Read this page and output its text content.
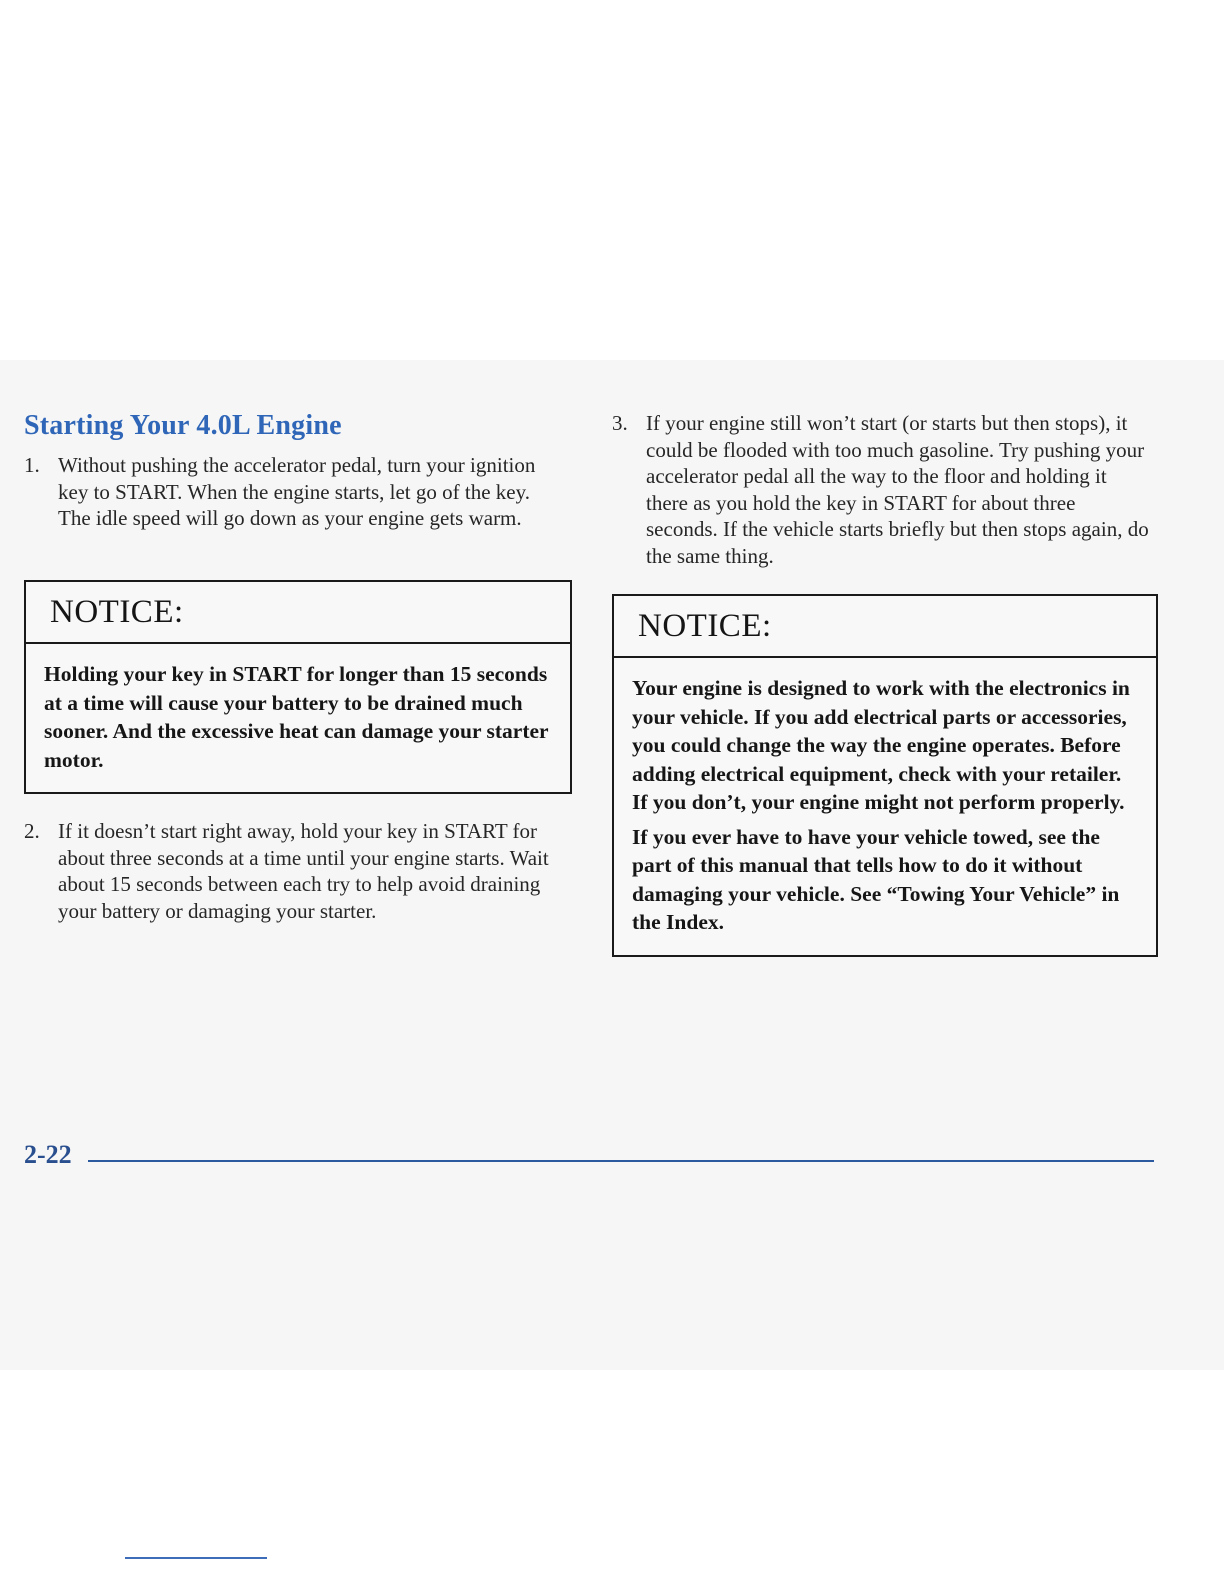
Starting Your 4.0L Engine
1. Without pushing the accelerator pedal, turn your ignition key to START. When the engine starts, let go of the key. The idle speed will go down as your engine gets warm.
NOTICE:

Holding your key in START for longer than 15 seconds at a time will cause your battery to be drained much sooner. And the excessive heat can damage your starter motor.

2. If it doesn’t start right away, hold your key in START for about three seconds at a time until your engine starts. Wait about 15 seconds between each try to help avoid draining your battery or damaging your starter.
3. If your engine still won’t start (or starts but then stops), it could be flooded with too much gasoline. Try pushing your accelerator pedal all the way to the floor and holding it there as you hold the key in START for about three seconds. If the vehicle starts briefly but then stops again, do the same thing.
NOTICE:

Your engine is designed to work with the electronics in your vehicle. If you add electrical parts or accessories, you could change the way the engine operates. Before adding electrical equipment, check with your retailer. If you don’t, your engine might not perform properly.

If you ever have to have your vehicle towed, see the part of this manual that tells how to do it without damaging your vehicle. See “Towing Your Vehicle” in the Index.

2-22
